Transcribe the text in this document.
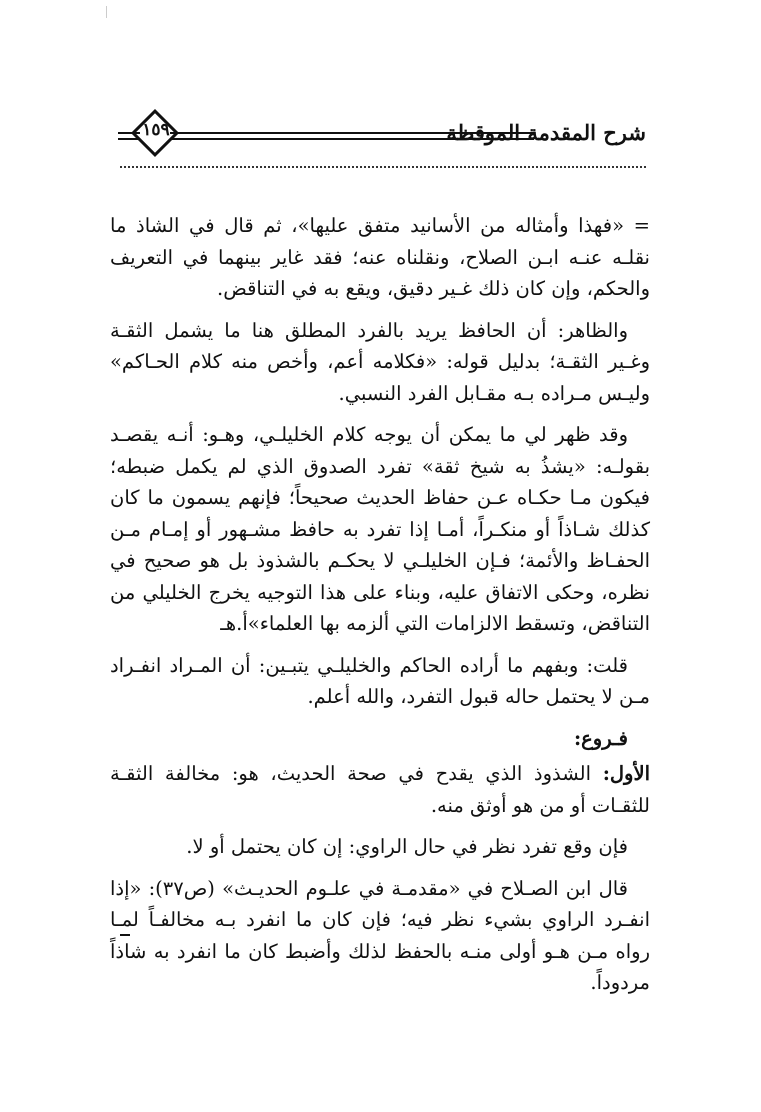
١٥٩	شرح المقدمة الموقظة

= «فهذا وأمثاله من الأسانيد متفق عليها»، ثم قال في الشاذ ما نقلـه عنـه ابـن الصلاح، ونقلناه عنه؛ فقد غاير بينهما في التعريف والحكم، وإن كان ذلك غـير دقيق، ويقع به في التناقض.

والظاهر: أن الحافظ يريد بالفرد المطلق هنا ما يشمل الثقـة وغـير الثقـة؛ بدليل قوله: «فكلامه أعم، وأخص منه كلام الحـاكم» وليـس مـراده بـه مقـابل الفرد النسبي.

وقد ظهر لي ما يمكن أن يوجه كلام الخليلـي، وهـو: أنـه يقصـد بقولـه: «يشذُ به شيخ ثقة» تفرد الصدوق الذي لم يكمل ضبطه؛ فيكون مـا حكـاه عـن حفاظ الحديث صحيحاً؛ فإنهم يسمون ما كان كذلك شـاذاً أو منكـراً، أمـا إذا تفرد به حافظ مشـهور أو إمـام مـن الحفـاظ والأئمة؛ فـإن الخليلـي لا يحكـم بالشذوذ بل هو صحيح في نظره، وحكى الاتفاق عليه، وبناء على هذا التوجيه يخرج الخليلي من التناقض، وتسقط الالزامات التي ألزمه بها العلماء»أ.هـ

قلت: وبفهم ما أراده الحاكم والخليلـي يتبـين: أن المـراد انفـراد مـن لا يحتمل حاله قبول التفرد، والله أعلم.

فـروع:

الأول: الشذوذ الذي يقدح في صحة الحديث، هو: مخالفة الثقـة للثقـات أو من هو أوثق منه.

فإن وقع تفرد نظر في حال الراوي: إن كان يحتمل أو لا.

قال ابن الصـلاح في «مقدمـة في علـوم الحديـث» (ص٣٧): «إذا انفـرد الراوي بشيء نظر فيه؛ فإن كان ما انفرد بـه مخالفـاً لمـا رواه مـن هـو أولى منـه بالحفظ لذلك وأضبط كان ما انفرد به شاذاً مردوداً.
